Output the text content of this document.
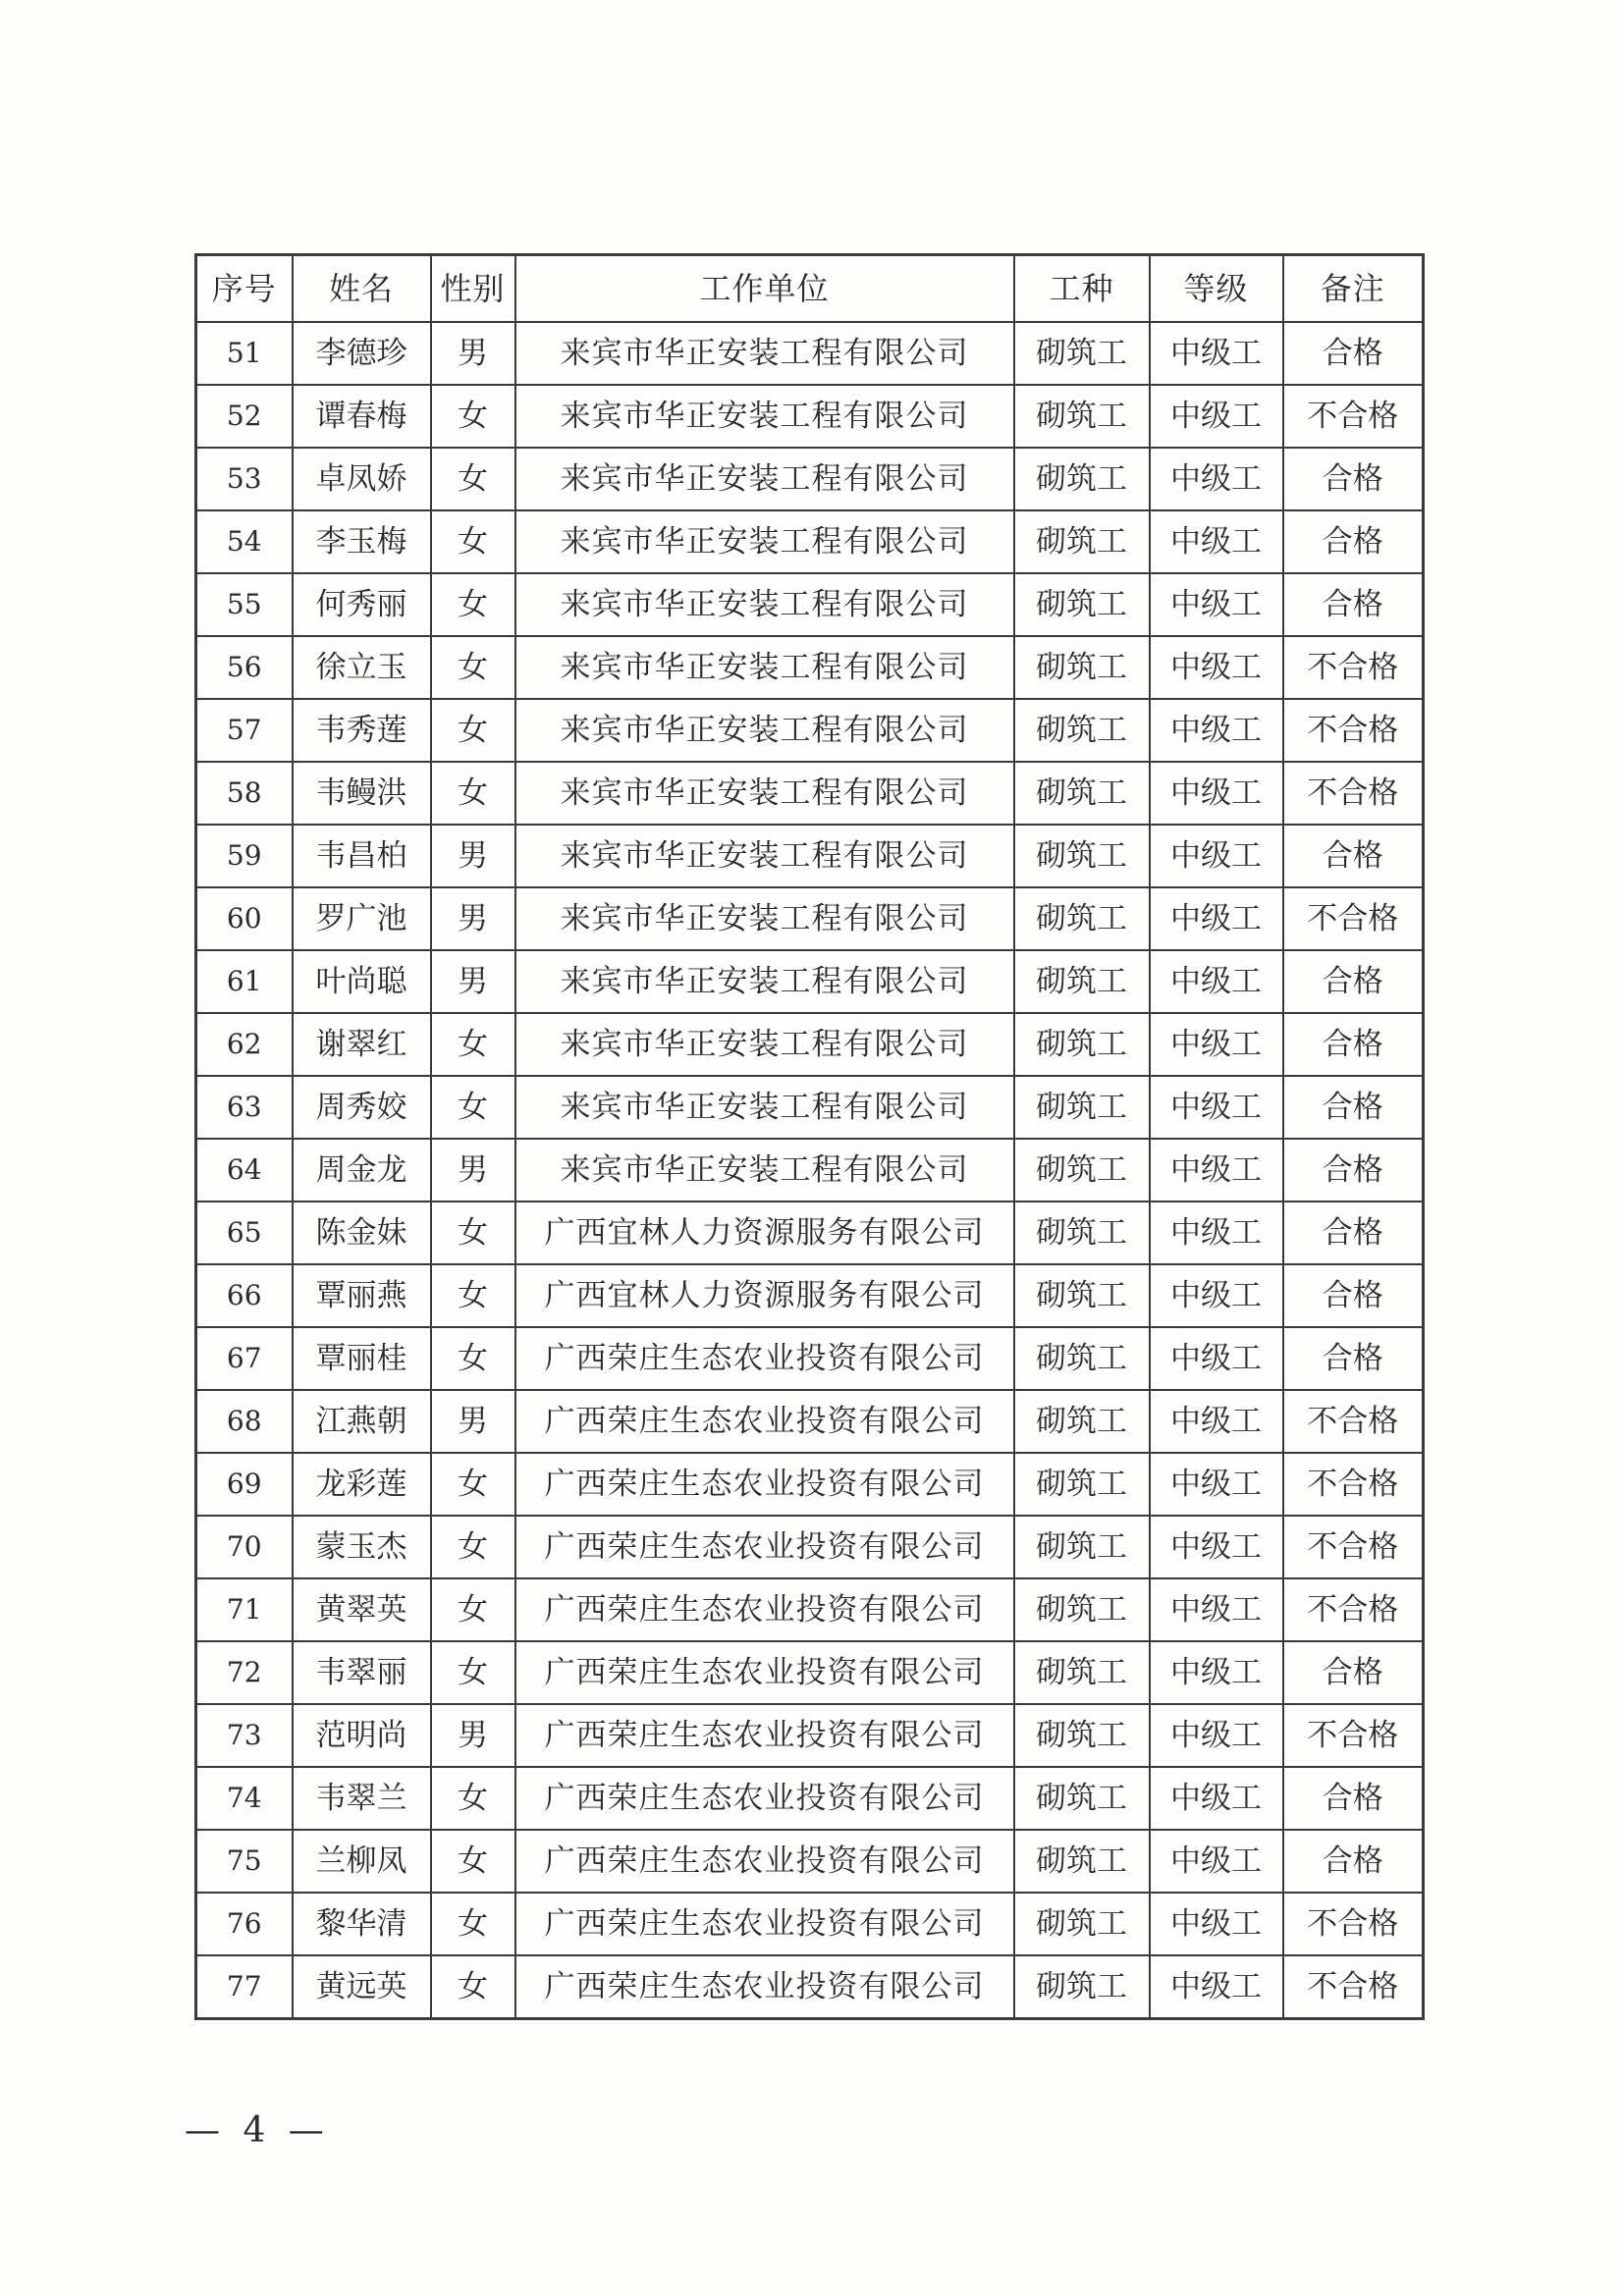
序号	姓名	性别	工作单位	工种	等级	备注
51	李德珍	男	来宾市华正安装工程有限公司	砌筑工	中级工	合格
52	谭春梅	女	来宾市华正安装工程有限公司	砌筑工	中级工	不合格
53	卓凤娇	女	来宾市华正安装工程有限公司	砌筑工	中级工	合格
54	李玉梅	女	来宾市华正安装工程有限公司	砌筑工	中级工	合格
55	何秀丽	女	来宾市华正安装工程有限公司	砌筑工	中级工	合格
56	徐立玉	女	来宾市华正安装工程有限公司	砌筑工	中级工	不合格
57	韦秀莲	女	来宾市华正安装工程有限公司	砌筑工	中级工	不合格
58	韦鳗洪	女	来宾市华正安装工程有限公司	砌筑工	中级工	不合格
59	韦昌柏	男	来宾市华正安装工程有限公司	砌筑工	中级工	合格
60	罗广池	男	来宾市华正安装工程有限公司	砌筑工	中级工	不合格
61	叶尚聪	男	来宾市华正安装工程有限公司	砌筑工	中级工	合格
62	谢翠红	女	来宾市华正安装工程有限公司	砌筑工	中级工	合格
63	周秀姣	女	来宾市华正安装工程有限公司	砌筑工	中级工	合格
64	周金龙	男	来宾市华正安装工程有限公司	砌筑工	中级工	合格
65	陈金妹	女	广西宜林人力资源服务有限公司	砌筑工	中级工	合格
66	覃丽燕	女	广西宜林人力资源服务有限公司	砌筑工	中级工	合格
67	覃丽桂	女	广西荣庄生态农业投资有限公司	砌筑工	中级工	合格
68	江燕朝	男	广西荣庄生态农业投资有限公司	砌筑工	中级工	不合格
69	龙彩莲	女	广西荣庄生态农业投资有限公司	砌筑工	中级工	不合格
70	蒙玉杰	女	广西荣庄生态农业投资有限公司	砌筑工	中级工	不合格
71	黄翠英	女	广西荣庄生态农业投资有限公司	砌筑工	中级工	不合格
72	韦翠丽	女	广西荣庄生态农业投资有限公司	砌筑工	中级工	合格
73	范明尚	男	广西荣庄生态农业投资有限公司	砌筑工	中级工	不合格
74	韦翠兰	女	广西荣庄生态农业投资有限公司	砌筑工	中级工	合格
75	兰柳凤	女	广西荣庄生态农业投资有限公司	砌筑工	中级工	合格
76	黎华清	女	广西荣庄生态农业投资有限公司	砌筑工	中级工	不合格
77	黄远英	女	广西荣庄生态农业投资有限公司	砌筑工	中级工	不合格
— 4 —
